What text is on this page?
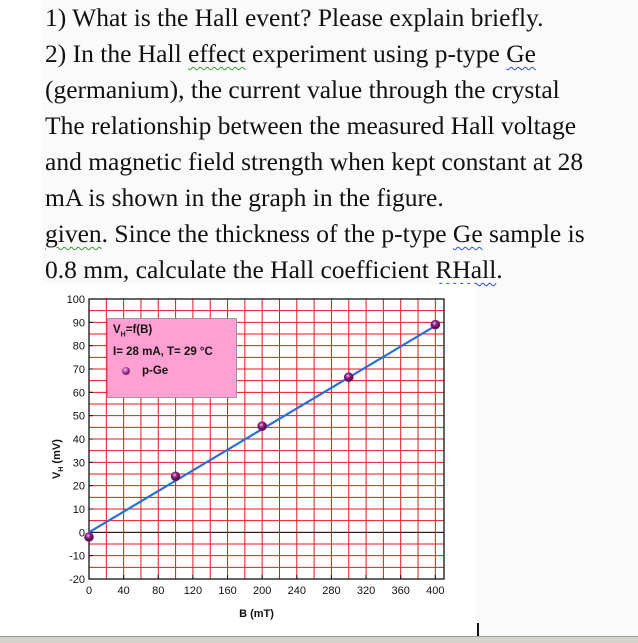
1) What is the Hall event? Please explain briefly.
2) In the Hall effect experiment using p-type Ge
(germanium), the current value through the crystal
The relationship between the measured Hall voltage
and magnetic field strength when kept constant at 28
mA is shown in the graph in the figure.
given. Since the thickness of the p-type Ge sample is
0.8 mm, calculate the Hall coefficient RHall.
0 40 80 120 160 200 240 280 320 360 400
-20
-10
0
10
20
30
40
50
60
70
80
90
100
B (mT)
$V_H=f(B)$
I= 28 mA, T= 29 °C
p-Ge
$V_H$ (mV)
